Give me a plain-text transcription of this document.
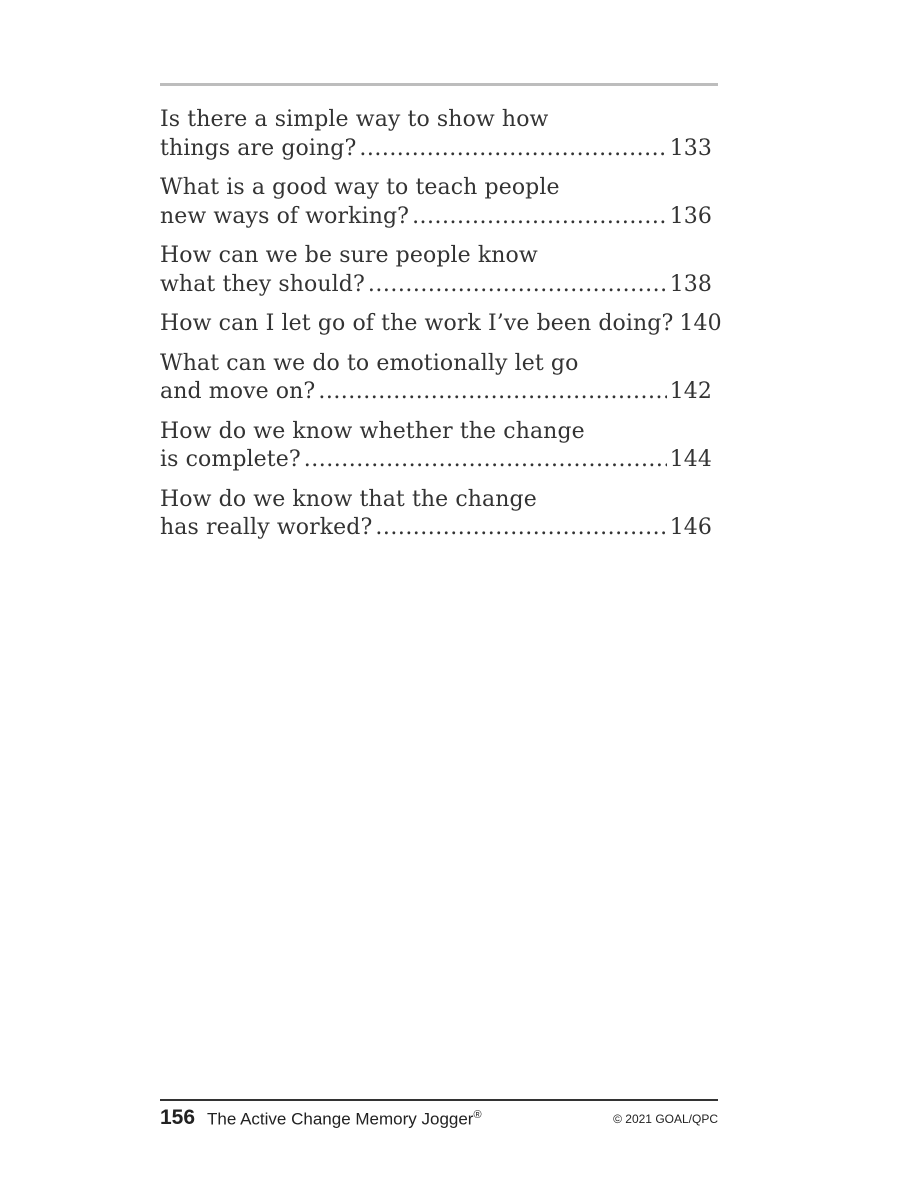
Is there a simple way to show how
things are going? .....	133
What is a good way to teach people
new ways of working? .....	136
How can we be sure people know
what they should? .....	138
How can I let go of the work I’ve been doing? 140
What can we do to emotionally let go
and move on? .....	142
How do we know whether the change
is complete? .....	144
How do we know that the change
has really worked? .....	146
156 The Active Change Memory Jogger®	© 2021 GOAL/QPC
